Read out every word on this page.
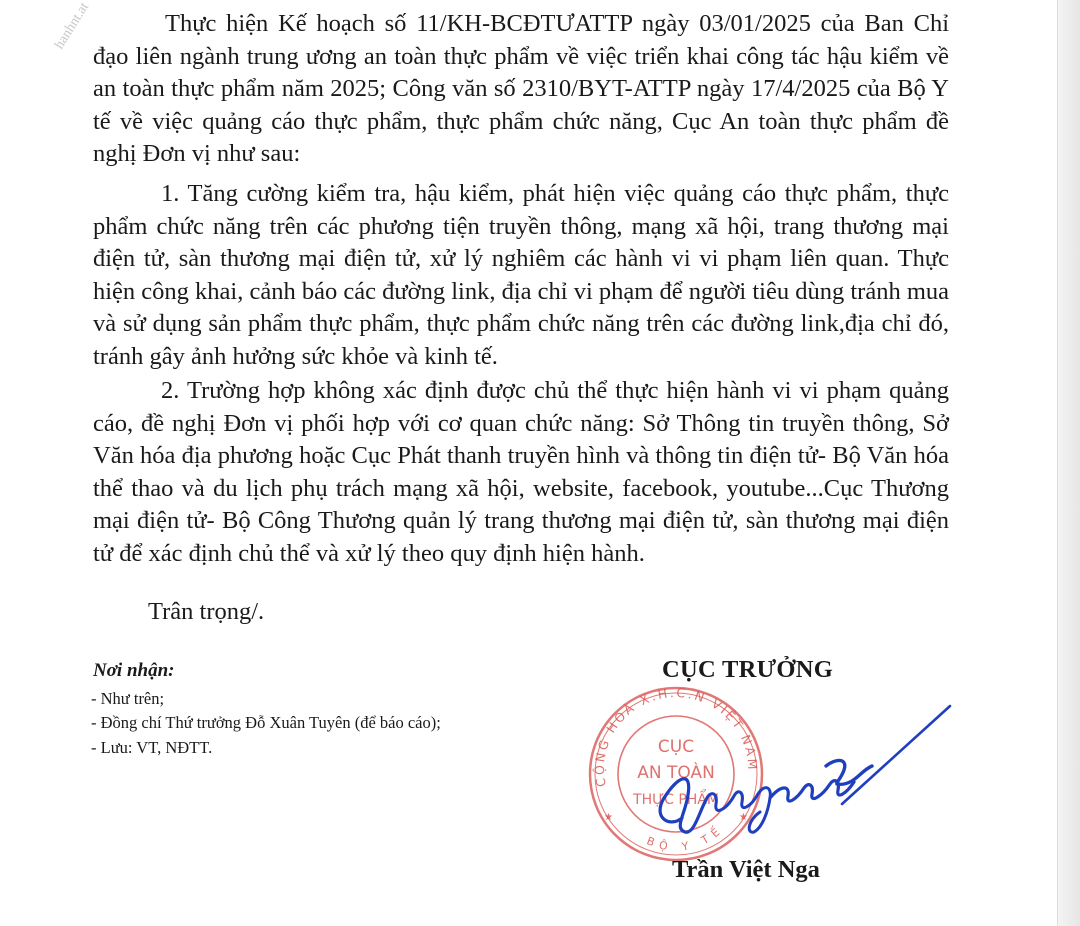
hanhnt.at	Thực hiện Kế hoạch số 11/KH-BCĐTƯATTP ngày 03/01/2025 của Ban Chỉ đạo liên ngành trung ương an toàn thực phẩm về việc triển khai công tác hậu kiểm về an toàn thực phẩm năm 2025; Công văn số 2310/BYT-ATTP ngày 17/4/2025 của Bộ Y tế về việc quảng cáo thực phẩm, thực phẩm chức năng, Cục An toàn thực phẩm đề nghị Đơn vị như sau:

1. Tăng cường kiểm tra, hậu kiểm, phát hiện việc quảng cáo thực phẩm, thực phẩm chức năng trên các phương tiện truyền thông, mạng xã hội, trang thương mại điện tử, sàn thương mại điện tử, xử lý nghiêm các hành vi vi phạm liên quan. Thực hiện công khai, cảnh báo các đường link, địa chỉ vi phạm để người tiêu dùng tránh mua và sử dụng sản phẩm thực phẩm, thực phẩm chức năng trên các đường link,địa chỉ đó, tránh gây ảnh hưởng sức khỏe và kinh tế.

2. Trường hợp không xác định được chủ thể thực hiện hành vi vi phạm quảng cáo, đề nghị Đơn vị phối hợp với cơ quan chức năng: Sở Thông tin truyền thông, Sở Văn hóa địa phương hoặc Cục Phát thanh truyền hình và thông tin điện tử- Bộ Văn hóa thể thao và du lịch phụ trách mạng xã hội, website, facebook, youtube...Cục Thương mại điện tử- Bộ Công Thương quản lý trang thương mại điện tử, sàn thương mại điện tử để xác định chủ thể và xử lý theo quy định hiện hành.

Trân trọng/.
Nơi nhận:
- Như trên;
- Đồng chí Thứ trưởng Đỗ Xuân Tuyên (để báo cáo);
- Lưu: VT, NĐTT.
CỤC TRƯỞNG
CỘNG HOÀ X.H.C.N VIỆT NAM
BỘ Y TẾ
CỤC
AN TOÀN
THỰC PHẨM
★	★
Trần Việt Nga
